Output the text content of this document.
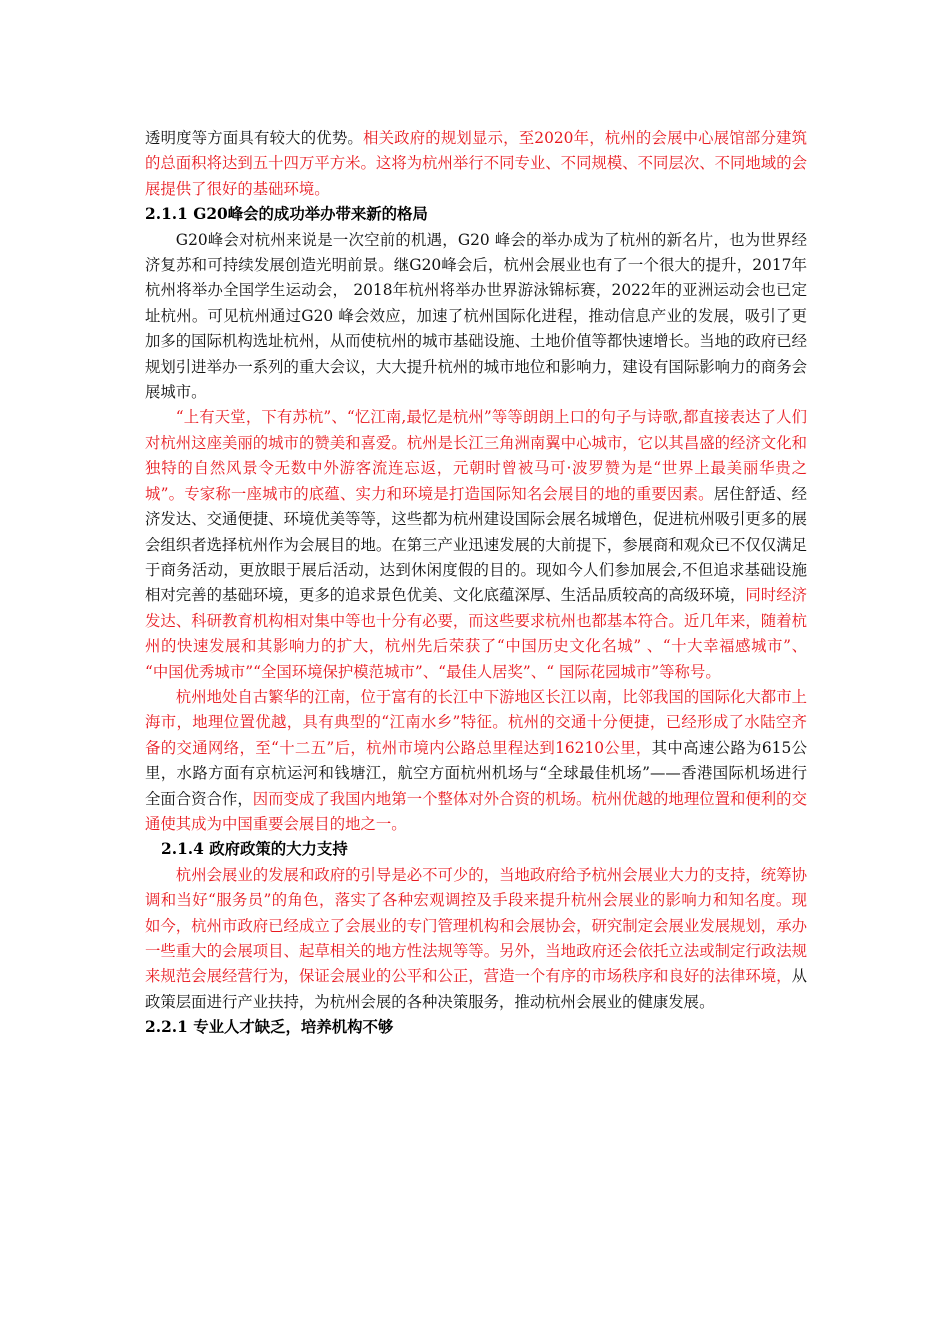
透明度等方面具有较大的优势。相关政府的规划显示，至2020年，杭州的会展中心展馆部分建筑的总面积将达到五十四万平方米。这将为杭州举行不同专业、不同规模、不同层次、不同地域的会展提供了很好的基础环境。

2.1.1 G20峰会的成功举办带来新的格局

G20峰会对杭州来说是一次空前的机遇，G20 峰会的举办成为了杭州的新名片，也为世界经济复苏和可持续发展创造光明前景。继G20峰会后，杭州会展业也有了一个很大的提升，2017年杭州将举办全国学生运动会， 2018年杭州将举办世界游泳锦标赛，2022年的亚洲运动会也已定址杭州。可见杭州通过G20 峰会效应，加速了杭州国际化进程，推动信息产业的发展，吸引了更加多的国际机构选址杭州，从而使杭州的城市基础设施、土地价值等都快速增长。当地的政府已经规划引进举办一系列的重大会议，大大提升杭州的城市地位和影响力，建设有国际影响力的商务会展城市。

“上有天堂，下有苏杭”、“忆江南,最忆是杭州”等等朗朗上口的句子与诗歌,都直接表达了人们对杭州这座美丽的城市的赞美和喜爱。杭州是长江三角洲南翼中心城市，它以其昌盛的经济文化和独特的自然风景令无数中外游客流连忘返，元朝时曾被马可·波罗赞为是“世界上最美丽华贵之城”。专家称一座城市的底蕴、实力和环境是打造国际知名会展目的地的重要因素。居住舒适、经济发达、交通便捷、环境优美等等，这些都为杭州建设国际会展名城增色，促进杭州吸引更多的展会组织者选择杭州作为会展目的地。在第三产业迅速发展的大前提下，参展商和观众已不仅仅满足于商务活动，更放眼于展后活动，达到休闲度假的目的。现如今人们参加展会,不但追求基础设施相对完善的基础环境，更多的追求景色优美、文化底蕴深厚、生活品质较高的高级环境，同时经济发达、科研教育机构相对集中等也十分有必要，而这些要求杭州也都基本符合。近几年来，随着杭州的快速发展和其影响力的扩大，杭州先后荣获了“中国历史文化名城” 、“十大幸福感城市”、 “中国优秀城市”“全国环境保护模范城市”、“最佳人居奖”、“ 国际花园城市”等称号。

杭州地处自古繁华的江南，位于富有的长江中下游地区长江以南，比邻我国的国际化大都市上海市，地理位置优越，具有典型的“江南水乡”特征。杭州的交通十分便捷，已经形成了水陆空齐备的交通网络，至“十二五”后，杭州市境内公路总里程达到16210公里，其中高速公路为615公里，水路方面有京杭运河和钱塘江，航空方面杭州机场与“全球最佳机场”——香港国际机场进行全面合资合作，因而变成了我国内地第一个整体对外合资的机场。杭州优越的地理位置和便利的交通使其成为中国重要会展目的地之一。

2.1.4 政府政策的大力支持

杭州会展业的发展和政府的引导是必不可少的，当地政府给予杭州会展业大力的支持，统筹协调和当好“服务员”的角色，落实了各种宏观调控及手段来提升杭州会展业的影响力和知名度。现如今，杭州市政府已经成立了会展业的专门管理机构和会展协会，研究制定会展业发展规划，承办一些重大的会展项目、起草相关的地方性法规等等。另外，当地政府还会依托立法或制定行政法规来规范会展经营行为，保证会展业的公平和公正，营造一个有序的市场秩序和良好的法律环境，从政策层面进行产业扶持，为杭州会展的各种决策服务，推动杭州会展业的健康发展。

2.2.1 专业人才缺乏，培养机构不够
